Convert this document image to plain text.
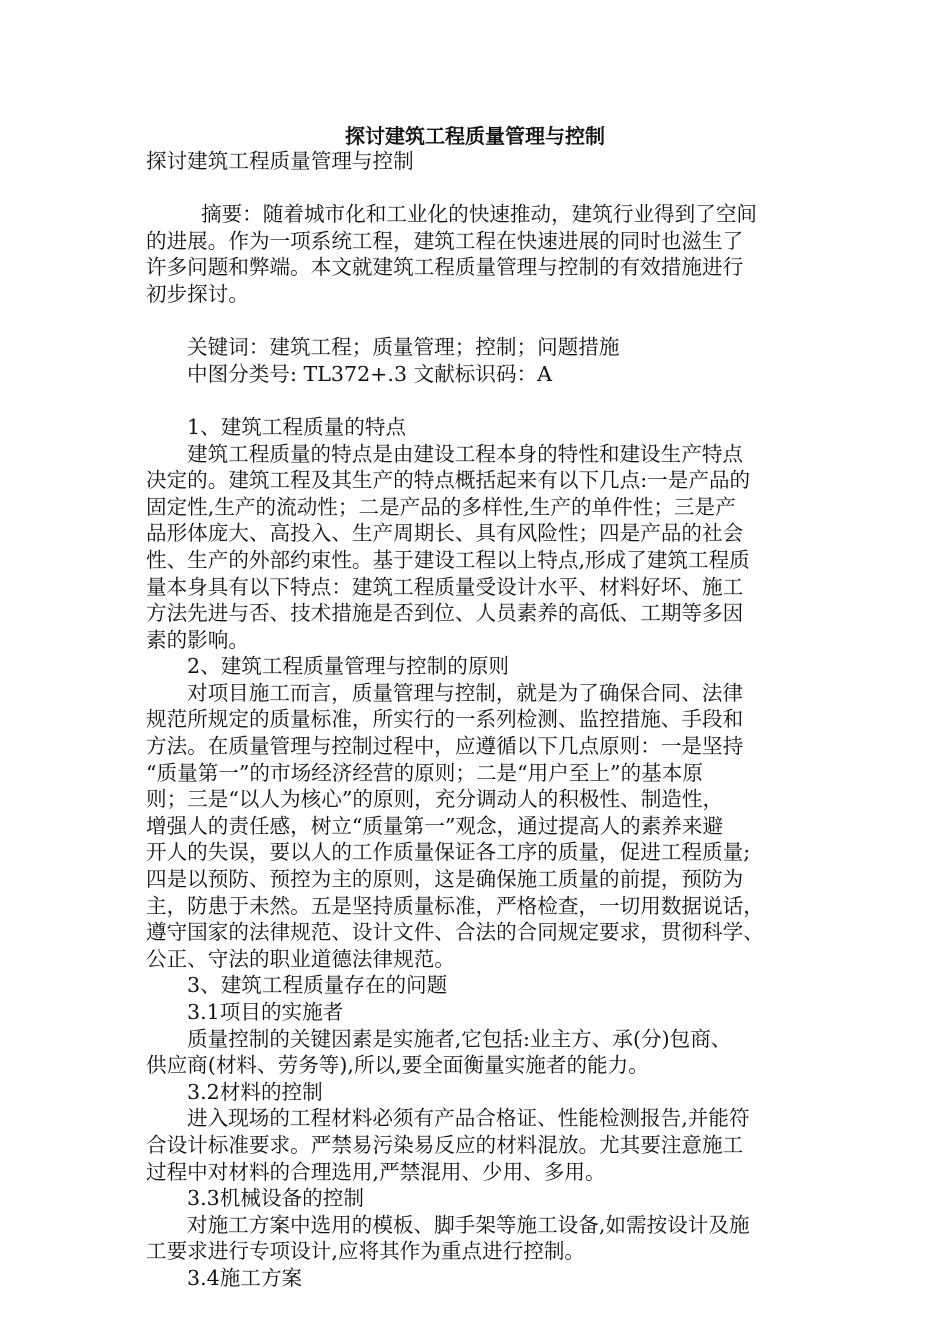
探讨建筑工程质量管理与控制

探讨建筑工程质量管理与控制

摘要：随着城市化和工业化的快速推动，建筑行业得到了空间

的进展。作为一项系统工程，建筑工程在快速进展的同时也滋生了

许多问题和弊端。本文就建筑工程质量管理与控制的有效措施进行

初步探讨。

关键词：建筑工程；质量管理；控制；问题措施

中图分类号: TL372+.3 文献标识码：A

1、建筑工程质量的特点

建筑工程质量的特点是由建设工程本身的特性和建设生产特点

决定的。建筑工程及其生产的特点概括起来有以下几点:一是产品的

固定性,生产的流动性；二是产品的多样性,生产的单件性；三是产

品形体庞大、高投入、生产周期长、具有风险性；四是产品的社会

性、生产的外部约束性。基于建设工程以上特点,形成了建筑工程质

量本身具有以下特点：建筑工程质量受设计水平、材料好坏、施工

方法先进与否、技术措施是否到位、人员素养的高低、工期等多因

素的影响。

2、建筑工程质量管理与控制的原则

对项目施工而言，质量管理与控制，就是为了确保合同、法律

规范所规定的质量标准，所实行的一系列检测、监控措施、手段和

方法。在质量管理与控制过程中，应遵循以下几点原则：一是坚持

“质量第一”的市场经济经营的原则；二是“用户至上”的基本原

则；三是“以人为核心”的原则，充分调动人的积极性、制造性，

增强人的责任感，树立“质量第一”观念，通过提高人的素养来避

开人的失误，要以人的工作质量保证各工序的质量，促进工程质量;

四是以预防、预控为主的原则，这是确保施工质量的前提，预防为

主，防患于未然。五是坚持质量标准，严格检查，一切用数据说话，

遵守国家的法律规范、设计文件、合法的合同规定要求，贯彻科学、

公正、守法的职业道德法律规范。

3、建筑工程质量存在的问题

3.1项目的实施者

质量控制的关键因素是实施者,它包括:业主方、承(分)包商、

供应商(材料、劳务等),所以,要全面衡量实施者的能力。

3.2材料的控制

进入现场的工程材料必须有产品合格证、性能检测报告,并能符

合设计标准要求。严禁易污染易反应的材料混放。尤其要注意施工

过程中对材料的合理选用,严禁混用、少用、多用。

3.3机械设备的控制

对施工方案中选用的模板、脚手架等施工设备,如需按设计及施

工要求进行专项设计,应将其作为重点进行控制。

3.4施工方案
